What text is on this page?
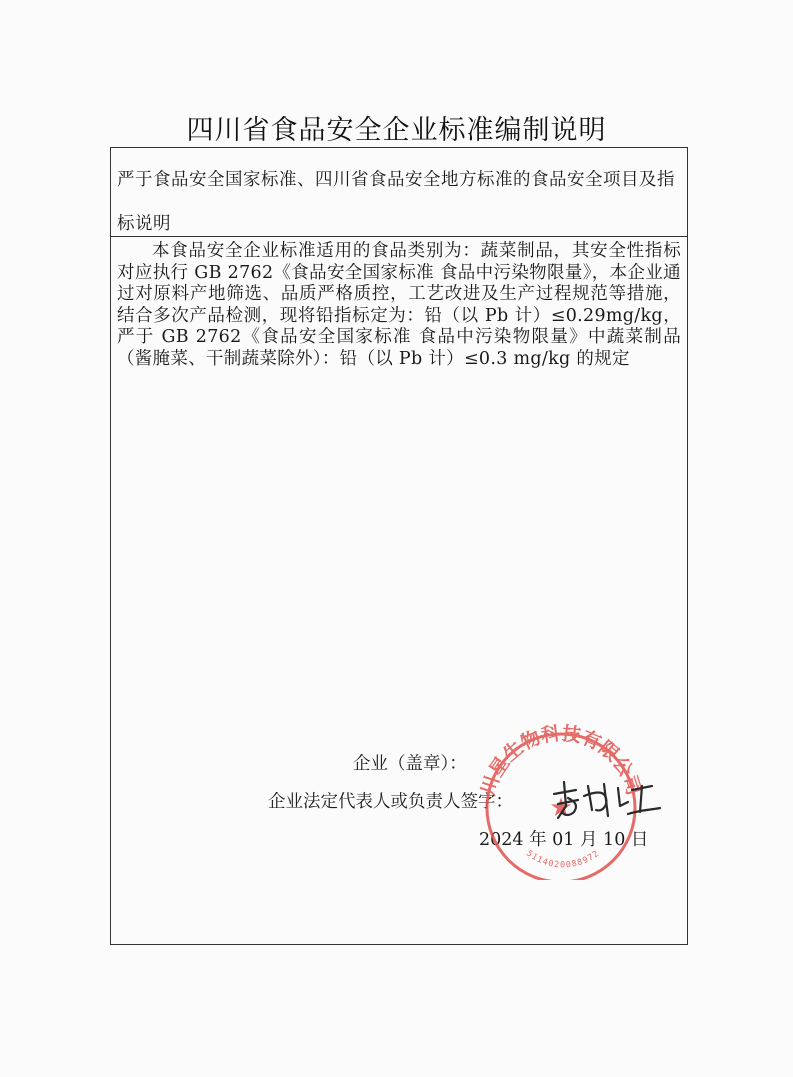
四川省食品安全企业标准编制说明
严于食品安全国家标准、四川省食品安全地方标准的食品安全项目及指标说明

本食品安全企业标准适用的食品类别为：蔬菜制品，其安全性指标对应执行 GB 2762《食品安全国家标准 食品中污染物限量》，本企业通过对原料产地筛选、品质严格质控，工艺改进及生产过程规范等措施，结合多次产品检测，现将铅指标定为：铅（以 Pb 计）≤0.29mg/kg，严于 GB 2762《食品安全国家标准 食品中污染物限量》中蔬菜制品（酱腌菜、干制蔬菜除外）：铅（以 Pb 计）≤0.3 mg/kg 的规定

企业（盖章）：
企业法定代表人或负责人签字：
2024 年 01 月 10 日
川星生物科技有限公司
★
5114020088972
